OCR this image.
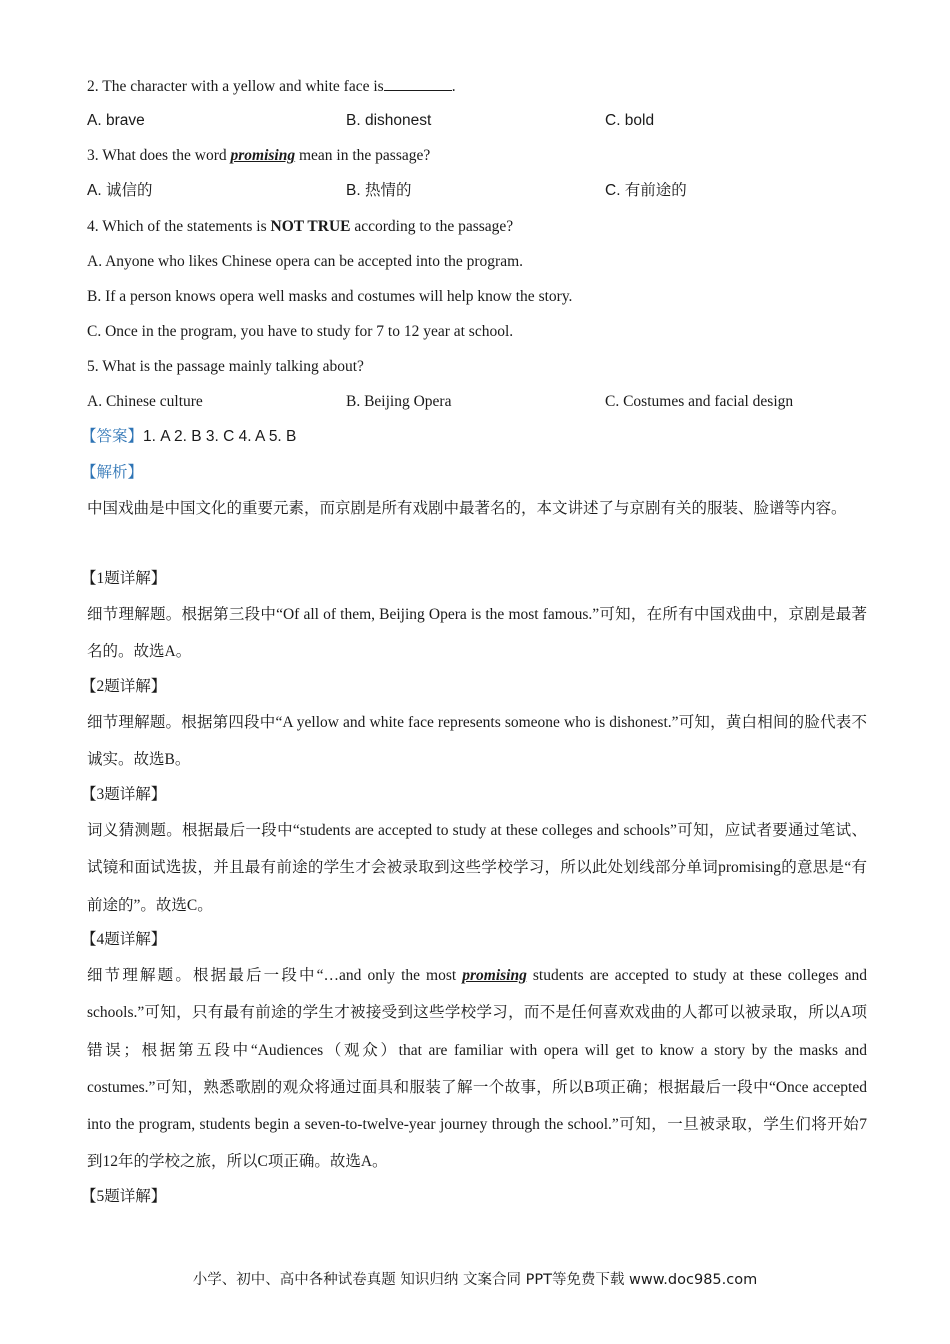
2. The character with a yellow and white face is	.
A. brave	B. dishonest	C. bold
3. What does the word promising mean in the passage?
A. 诚信的	B. 热情的	C. 有前途的
4. Which of the statements is NOT TRUE according to the passage?
A. Anyone who likes Chinese opera can be accepted into the program.
B. If a person knows opera well masks and costumes will help know the story.
C. Once in the program, you have to study for 7 to 12 year at school.
5. What is the passage mainly talking about?
A. Chinese culture	B. Beijing Opera	C. Costumes and facial design
【答案】1. A 2. B 3. C 4. A 5. B
【解析】
中国戏曲是中国文化的重要元素，而京剧是所有戏剧中最著名的，本文讲述了与京剧有关的服装、脸谱等内容。
【1题详解】
细节理解题。根据第三段中“Of all of them, Beijing Opera is the most famous.”可知，在所有中国戏曲中，京剧是最著名的。故选A。
【2题详解】
细节理解题。根据第四段中“A yellow and white face represents someone who is dishonest.”可知，黄白相间的脸代表不诚实。故选B。
【3题详解】
词义猜测题。根据最后一段中“students are accepted to study at these colleges and schools”可知，应试者要通过笔试、试镜和面试选拔，并且最有前途的学生才会被录取到这些学校学习，所以此处划线部分单词promising的意思是“有前途的”。故选C。
【4题详解】
细节理解题。根据最后一段中“…and only the most promising students are accepted to study at these colleges and schools.”可知，只有最有前途的学生才被接受到这些学校学习，而不是任何喜欢戏曲的人都可以被录取，所以A项错误；根据第五段中“Audiences（观众）that are familiar with opera will get to know a story by the masks and costumes.”可知，熟悉歌剧的观众将通过面具和服装了解一个故事，所以B项正确；根据最后一段中“Once accepted into the program, students begin a seven-to-twelve-year journey through the school.”可知，一旦被录取，学生们将开始7到12年的学校之旅，所以C项正确。故选A。
【5题详解】
小学、初中、高中各种试卷真题 知识归纳 文案合同 PPT等免费下载 www.doc985.com
